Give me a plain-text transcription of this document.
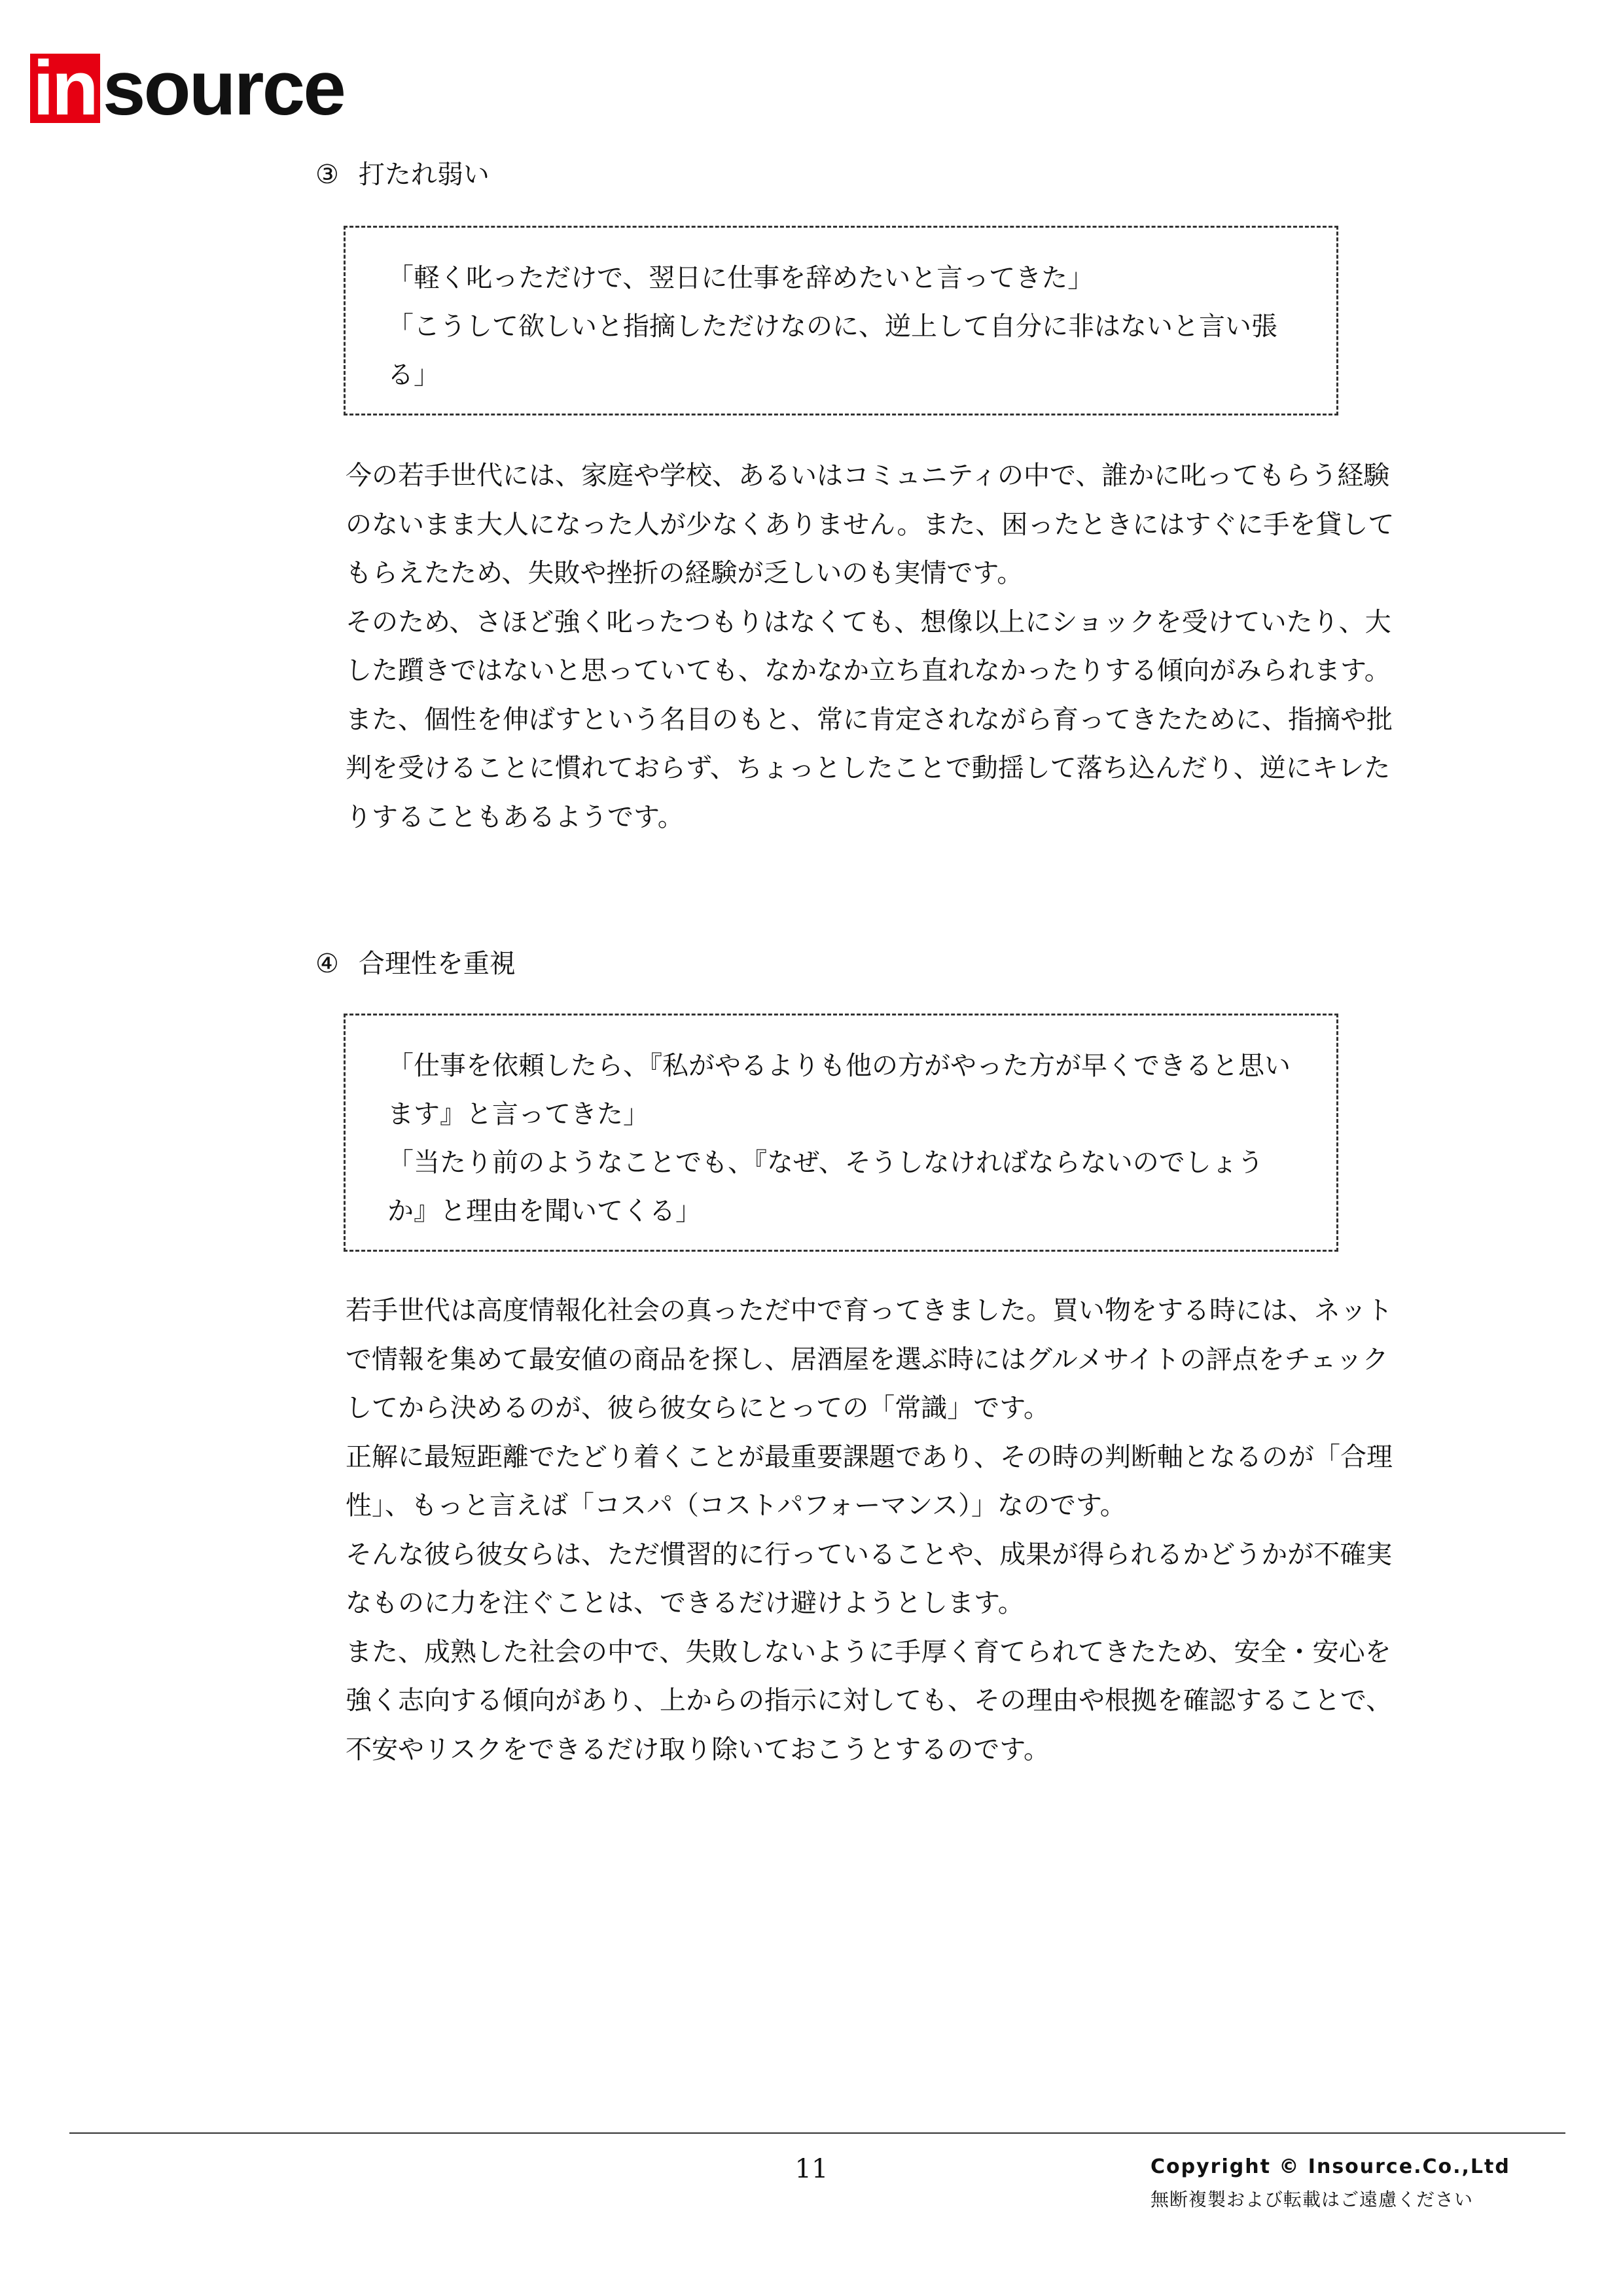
in source
③ 打たれ弱い

「軽く叱っただけで、翌日に仕事を辞めたいと言ってきた」

「こうして欲しいと指摘しただけなのに、逆上して自分に非はないと言い張る」

今の若手世代には、家庭や学校、あるいはコミュニティの中で、誰かに叱ってもらう経験のないまま大人になった人が少なくありません。また、困ったときにはすぐに手を貸してもらえたため、失敗や挫折の経験が乏しいのも実情です。

そのため、さほど強く叱ったつもりはなくても、想像以上にショックを受けていたり、大した躓きではないと思っていても、なかなか立ち直れなかったりする傾向がみられます。

また、個性を伸ばすという名目のもと、常に肯定されながら育ってきたために、指摘や批判を受けることに慣れておらず、ちょっとしたことで動揺して落ち込んだり、逆にキレたりすることもあるようです。

④ 合理性を重視

「仕事を依頼したら、『私がやるよりも他の方がやった方が早くできると思います』と言ってきた」

「当たり前のようなことでも、『なぜ、そうしなければならないのでしょうか』と理由を聞いてくる」

若手世代は高度情報化社会の真っただ中で育ってきました。買い物をする時には、ネットで情報を集めて最安値の商品を探し、居酒屋を選ぶ時にはグルメサイトの評点をチェックしてから決めるのが、彼ら彼女らにとっての「常識」です。

正解に最短距離でたどり着くことが最重要課題であり、その時の判断軸となるのが「合理性」、もっと言えば「コスパ（コストパフォーマンス）」なのです。

そんな彼ら彼女らは、ただ慣習的に行っていることや、成果が得られるかどうかが不確実なものに力を注ぐことは、できるだけ避けようとします。

また、成熟した社会の中で、失敗しないように手厚く育てられてきたため、安全・安心を強く志向する傾向があり、上からの指示に対しても、その理由や根拠を確認することで、不安やリスクをできるだけ取り除いておこうとするのです。

11	Copyright © Insource.Co.,Ltd
無断複製および転載はご遠慮ください
